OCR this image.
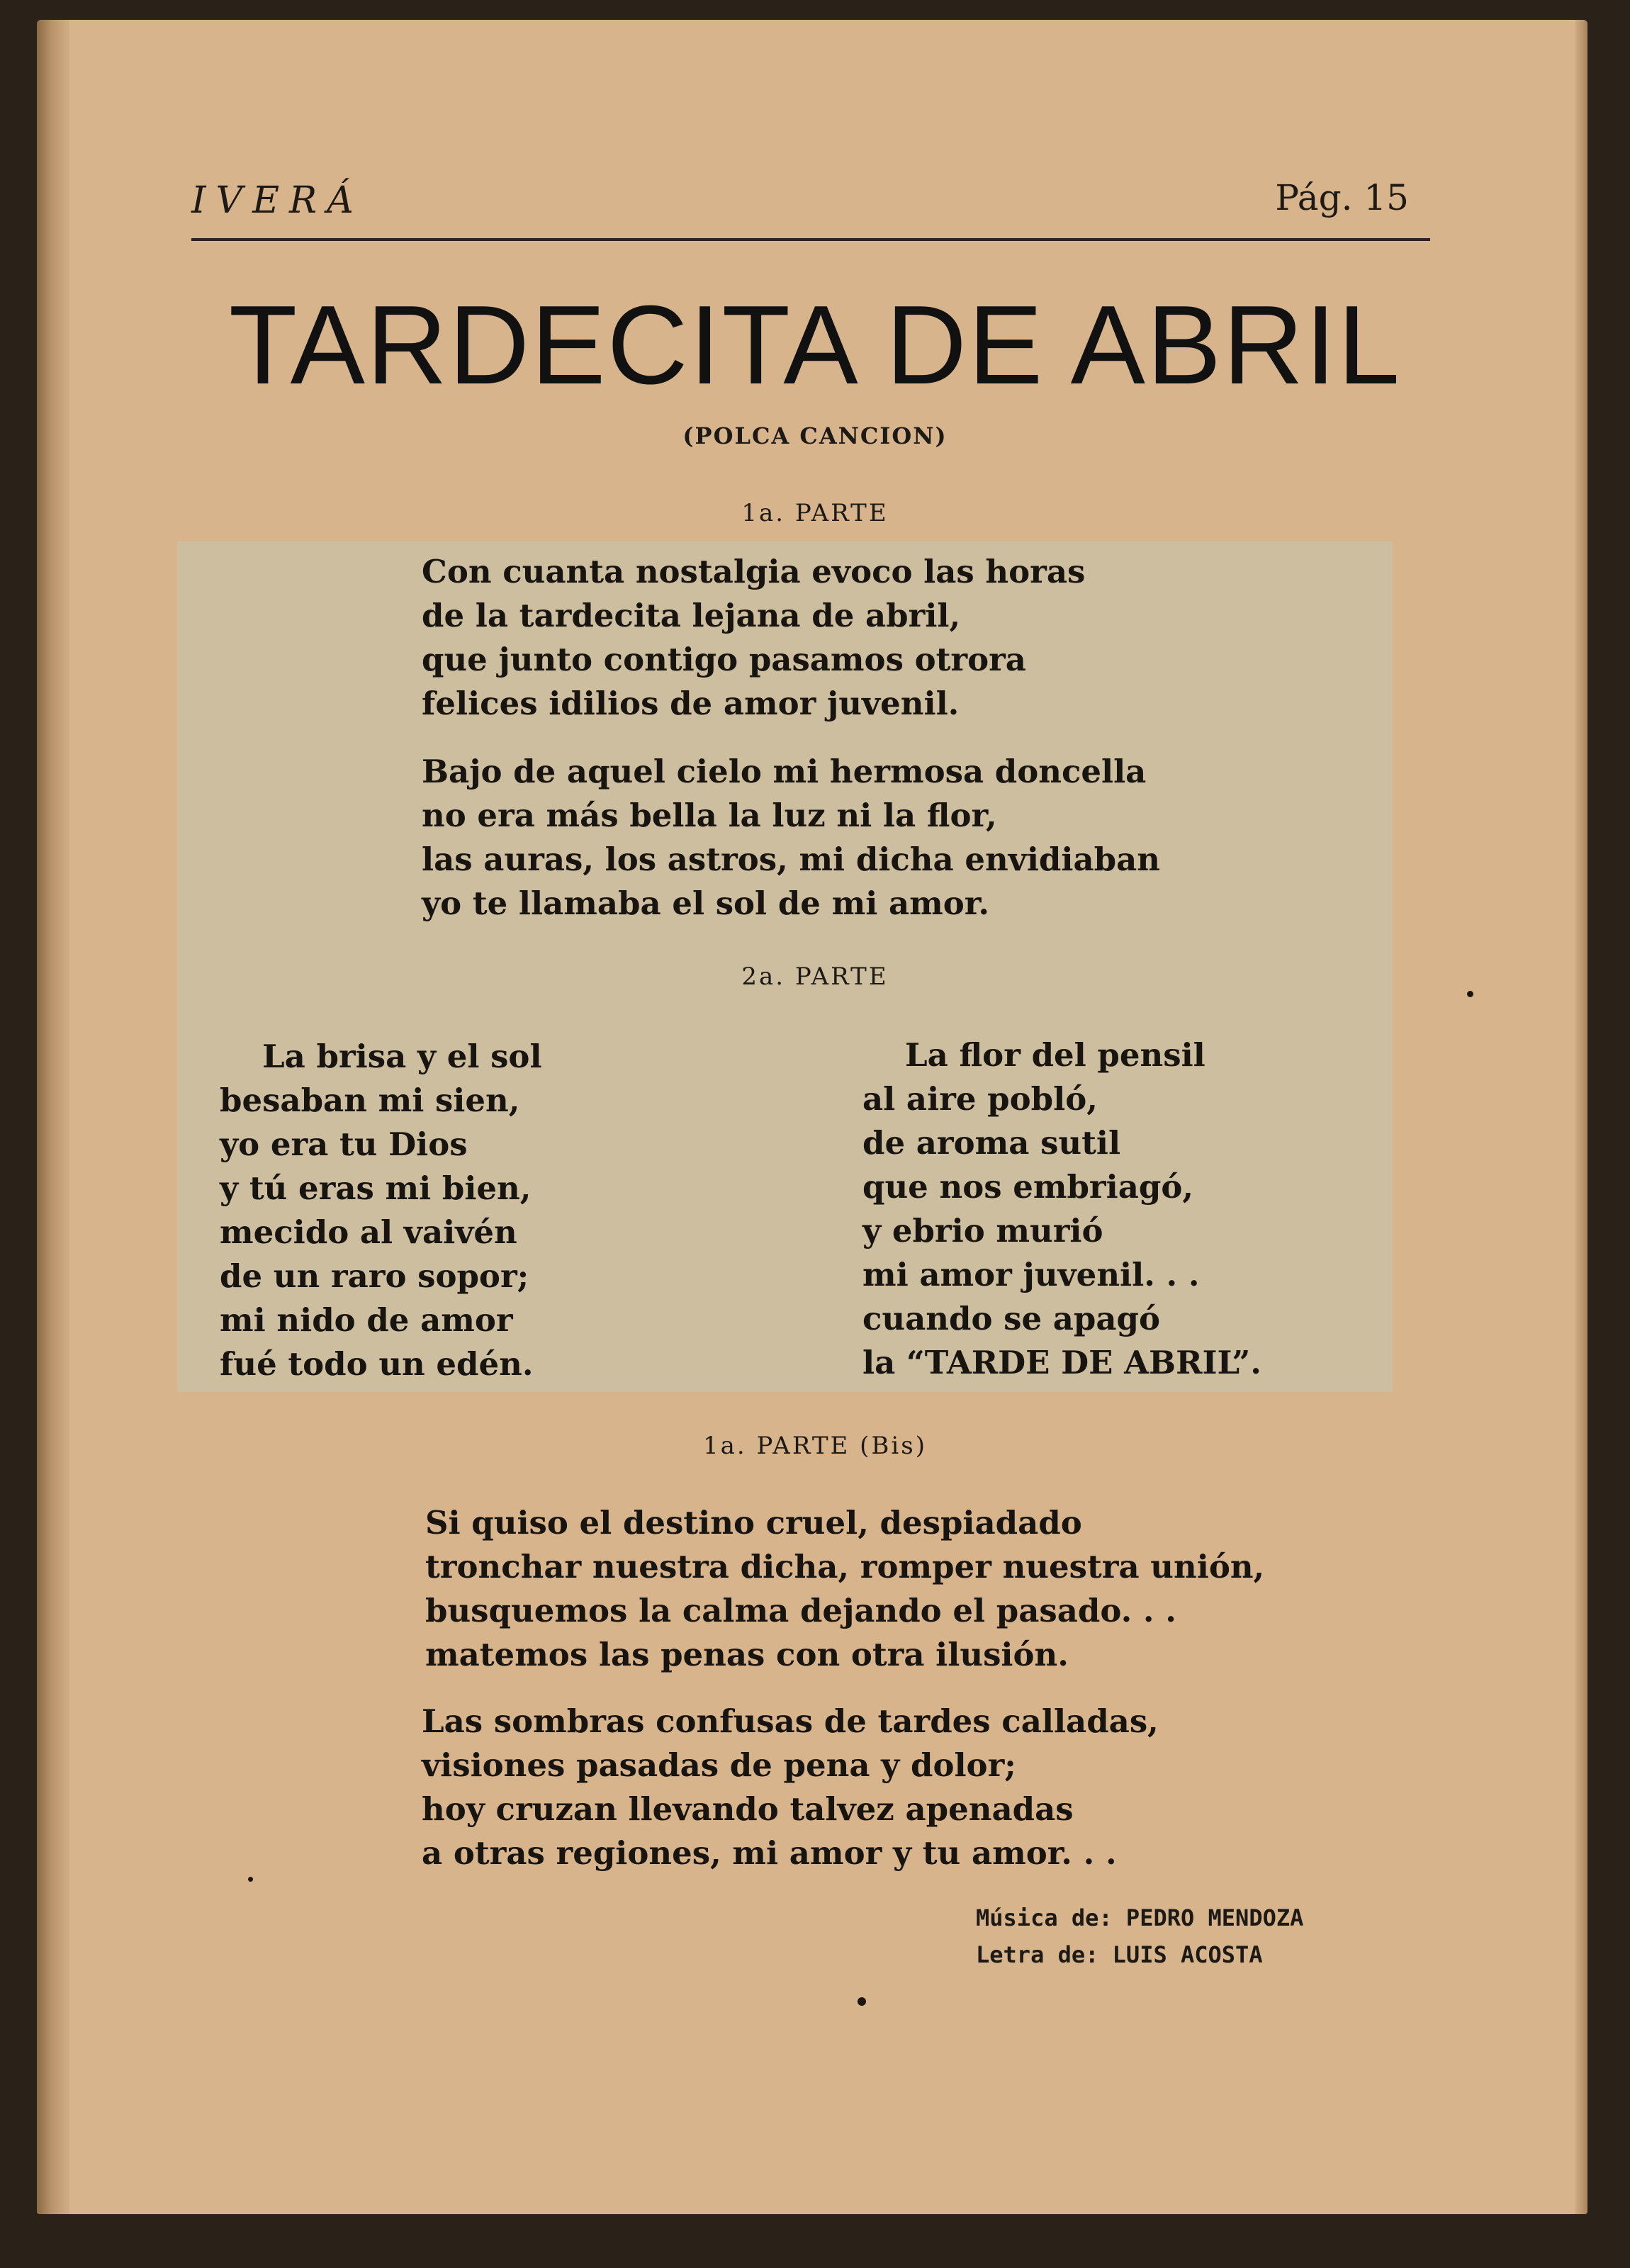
IVERÁ	Pág. 15
TARDECITA DE ABRIL
(POLCA CANCION)
1a. PARTE
Con cuanta nostalgia evoco las horas
de la tardecita lejana de abril,
que junto contigo pasamos otrora
felices idilios de amor juvenil.
Bajo de aquel cielo mi hermosa doncella
no era más bella la luz ni la flor,
las auras, los astros, mi dicha envidiaban
yo te llamaba el sol de mi amor.
2a. PARTE
La brisa y el sol
besaban mi sien,
yo era tu Dios
y tú eras mi bien,
mecido al vaivén
de un raro sopor;
mi nido de amor
fué todo un edén.
La flor del pensil
al aire pobló,
de aroma sutil
que nos embriagó,
y ebrio murió
mi amor juvenil. . .
cuando se apagó
la “TARDE DE ABRIL”.
1a. PARTE (Bis)
Si quiso el destino cruel, despiadado
tronchar nuestra dicha, romper nuestra unión,
busquemos la calma dejando el pasado. . .
matemos las penas con otra ilusión.
Las sombras confusas de tardes calladas,
visiones pasadas de pena y dolor;
hoy cruzan llevando talvez apenadas
a otras regiones, mi amor y tu amor. . .
Música de: PEDRO MENDOZA
Letra de: LUIS ACOSTA
